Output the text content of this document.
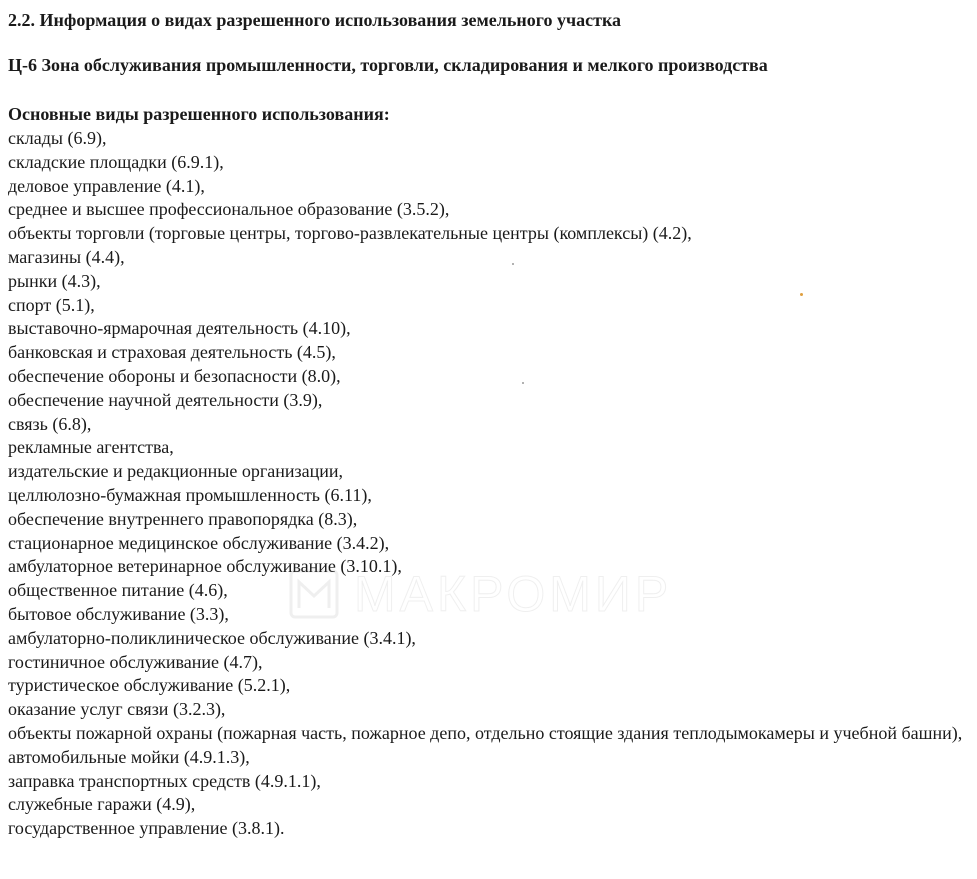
2.2. Информация о видах разрешенного использования земельного участка
Ц-6 Зона обслуживания промышленности, торговли, складирования и мелкого производства
Основные виды разрешенного использования:
склады (6.9),
складские площадки (6.9.1),
деловое управление (4.1),
среднее и высшее профессиональное образование (3.5.2),
объекты торговли (торговые центры, торгово-развлекательные центры (комплексы) (4.2),
магазины (4.4),
рынки (4.3),
спорт (5.1),
выставочно-ярмарочная деятельность (4.10),
банковская и страховая деятельность (4.5),
обеспечение обороны и безопасности (8.0),
обеспечение научной деятельности (3.9),
связь (6.8),
рекламные агентства,
издательские и редакционные организации,
целлюлозно-бумажная промышленность (6.11),
обеспечение внутреннего правопорядка (8.3),
стационарное медицинское обслуживание (3.4.2),
амбулаторное ветеринарное обслуживание (3.10.1),
общественное питание (4.6),
бытовое обслуживание (3.3),
амбулаторно-поликлиническое обслуживание (3.4.1),
гостиничное обслуживание (4.7),
туристическое обслуживание (5.2.1),
оказание услуг связи (3.2.3),
объекты пожарной охраны (пожарная часть, пожарное депо, отдельно стоящие здания теплодымокамеры и учебной башни),
автомобильные мойки (4.9.1.3),
заправка транспортных средств (4.9.1.1),
служебные гаражи (4.9),
государственное управление (3.8.1).
МАКРОМИР
